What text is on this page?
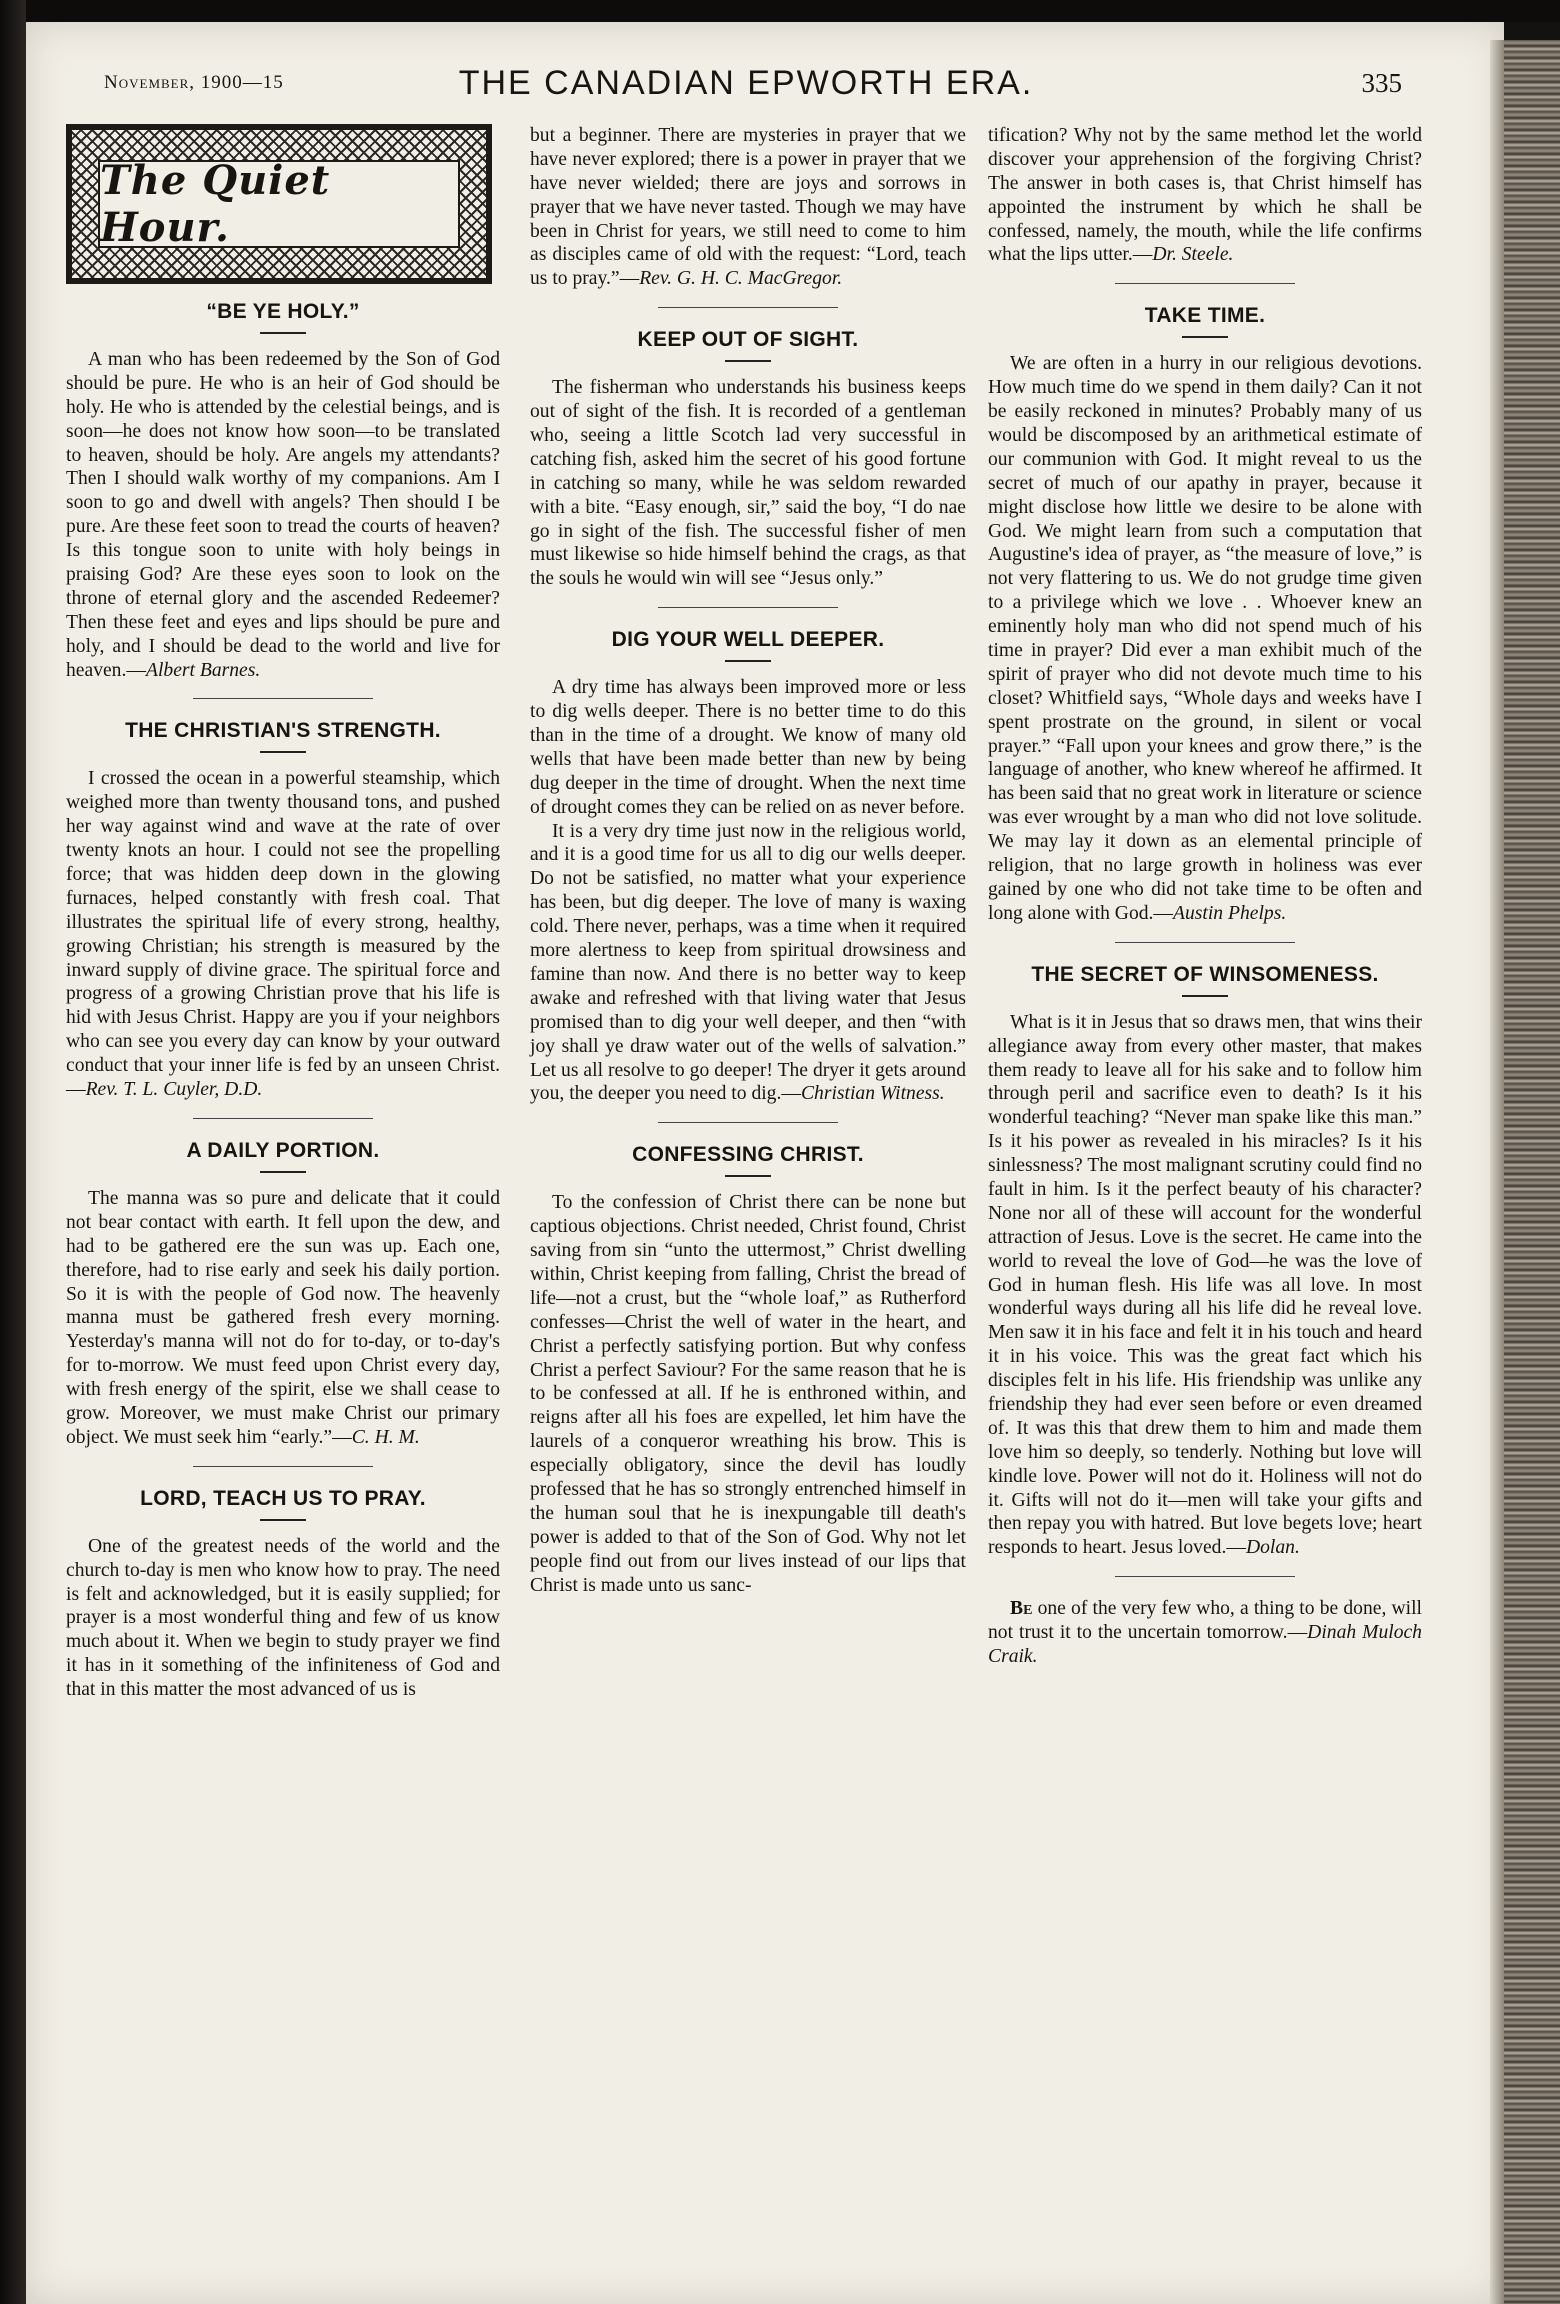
November, 1900—15	THE CANADIAN EPWORTH ERA.	335
The Quiet Hour.
“BE YE HOLY.”

A man who has been redeemed by the Son of God should be pure. He who is an heir of God should be holy. He who is attended by the celestial beings, and is soon—he does not know how soon—to be translated to heaven, should be holy. Are angels my attendants? Then I should walk worthy of my companions. Am I soon to go and dwell with angels? Then should I be pure. Are these feet soon to tread the courts of heaven? Is this tongue soon to unite with holy beings in praising God? Are these eyes soon to look on the throne of eternal glory and the ascended Redeemer? Then these feet and eyes and lips should be pure and holy, and I should be dead to the world and live for heaven.—Albert Barnes.

THE CHRISTIAN'S STRENGTH.

I crossed the ocean in a powerful steamship, which weighed more than twenty thousand tons, and pushed her way against wind and wave at the rate of over twenty knots an hour. I could not see the propelling force; that was hidden deep down in the glowing furnaces, helped constantly with fresh coal. That illustrates the spiritual life of every strong, healthy, growing Christian; his strength is measured by the inward supply of divine grace. The spiritual force and progress of a growing Christian prove that his life is hid with Jesus Christ. Happy are you if your neighbors who can see you every day can know by your outward conduct that your inner life is fed by an unseen Christ.—Rev. T. L. Cuyler, D.D.

A DAILY PORTION.

The manna was so pure and delicate that it could not bear contact with earth. It fell upon the dew, and had to be gathered ere the sun was up. Each one, therefore, had to rise early and seek his daily portion. So it is with the people of God now. The heavenly manna must be gathered fresh every morning. Yesterday's manna will not do for to-day, or to-day's for to-morrow. We must feed upon Christ every day, with fresh energy of the spirit, else we shall cease to grow. Moreover, we must make Christ our primary object. We must seek him “early.”—C. H. M.

LORD, TEACH US TO PRAY.

One of the greatest needs of the world and the church to-day is men who know how to pray. The need is felt and acknowledged, but it is easily supplied; for prayer is a most wonderful thing and few of us know much about it. When we begin to study prayer we find it has in it something of the infiniteness of God and that in this matter the most advanced of us is

but a beginner. There are mysteries in prayer that we have never explored; there is a power in prayer that we have never wielded; there are joys and sorrows in prayer that we have never tasted. Though we may have been in Christ for years, we still need to come to him as disciples came of old with the request: “Lord, teach us to pray.”—Rev. G. H. C. MacGregor.

KEEP OUT OF SIGHT.

The fisherman who understands his business keeps out of sight of the fish. It is recorded of a gentleman who, seeing a little Scotch lad very successful in catching fish, asked him the secret of his good fortune in catching so many, while he was seldom rewarded with a bite. “Easy enough, sir,” said the boy, “I do nae go in sight of the fish. The successful fisher of men must likewise so hide himself behind the crags, as that the souls he would win will see “Jesus only.”

DIG YOUR WELL DEEPER.

A dry time has always been improved more or less to dig wells deeper. There is no better time to do this than in the time of a drought. We know of many old wells that have been made better than new by being dug deeper in the time of drought. When the next time of drought comes they can be relied on as never before.

It is a very dry time just now in the religious world, and it is a good time for us all to dig our wells deeper. Do not be satisfied, no matter what your experience has been, but dig deeper. The love of many is waxing cold. There never, perhaps, was a time when it required more alertness to keep from spiritual drowsiness and famine than now. And there is no better way to keep awake and refreshed with that living water that Jesus promised than to dig your well deeper, and then “with joy shall ye draw water out of the wells of salvation.” Let us all resolve to go deeper! The dryer it gets around you, the deeper you need to dig.—Christian Witness.

CONFESSING CHRIST.

To the confession of Christ there can be none but captious objections. Christ needed, Christ found, Christ saving from sin “unto the uttermost,” Christ dwelling within, Christ keeping from falling, Christ the bread of life—not a crust, but the “whole loaf,” as Rutherford confesses—Christ the well of water in the heart, and Christ a perfectly satisfying portion. But why confess Christ a perfect Saviour? For the same reason that he is to be confessed at all. If he is enthroned within, and reigns after all his foes are expelled, let him have the laurels of a conqueror wreathing his brow. This is especially obligatory, since the devil has loudly professed that he has so strongly entrenched himself in the human soul that he is inexpungable till death's power is added to that of the Son of God. Why not let people find out from our lives instead of our lips that Christ is made unto us sanc-

tification? Why not by the same method let the world discover your apprehension of the forgiving Christ? The answer in both cases is, that Christ himself has appointed the instrument by which he shall be confessed, namely, the mouth, while the life confirms what the lips utter.—Dr. Steele.

TAKE TIME.

We are often in a hurry in our religious devotions. How much time do we spend in them daily? Can it not be easily reckoned in minutes? Probably many of us would be discomposed by an arithmetical estimate of our communion with God. It might reveal to us the secret of much of our apathy in prayer, because it might disclose how little we desire to be alone with God. We might learn from such a computation that Augustine's idea of prayer, as “the measure of love,” is not very flattering to us. We do not grudge time given to a privilege which we love . . Whoever knew an eminently holy man who did not spend much of his time in prayer? Did ever a man exhibit much of the spirit of prayer who did not devote much time to his closet? Whitfield says, “Whole days and weeks have I spent prostrate on the ground, in silent or vocal prayer.” “Fall upon your knees and grow there,” is the language of another, who knew whereof he affirmed. It has been said that no great work in literature or science was ever wrought by a man who did not love solitude. We may lay it down as an elemental principle of religion, that no large growth in holiness was ever gained by one who did not take time to be often and long alone with God.—Austin Phelps.

THE SECRET OF WINSOMENESS.

What is it in Jesus that so draws men, that wins their allegiance away from every other master, that makes them ready to leave all for his sake and to follow him through peril and sacrifice even to death? Is it his wonderful teaching? “Never man spake like this man.” Is it his power as revealed in his miracles? Is it his sinlessness? The most malignant scrutiny could find no fault in him. Is it the perfect beauty of his character? None nor all of these will account for the wonderful attraction of Jesus. Love is the secret. He came into the world to reveal the love of God—he was the love of God in human flesh. His life was all love. In most wonderful ways during all his life did he reveal love. Men saw it in his face and felt it in his touch and heard it in his voice. This was the great fact which his disciples felt in his life. His friendship was unlike any friendship they had ever seen before or even dreamed of. It was this that drew them to him and made them love him so deeply, so tenderly. Nothing but love will kindle love. Power will not do it. Holiness will not do it. Gifts will not do it—men will take your gifts and then repay you with hatred. But love begets love; heart responds to heart. Jesus loved.—Dolan.

Be one of the very few who, a thing to be done, will not trust it to the uncertain tomorrow.—Dinah Muloch Craik.
